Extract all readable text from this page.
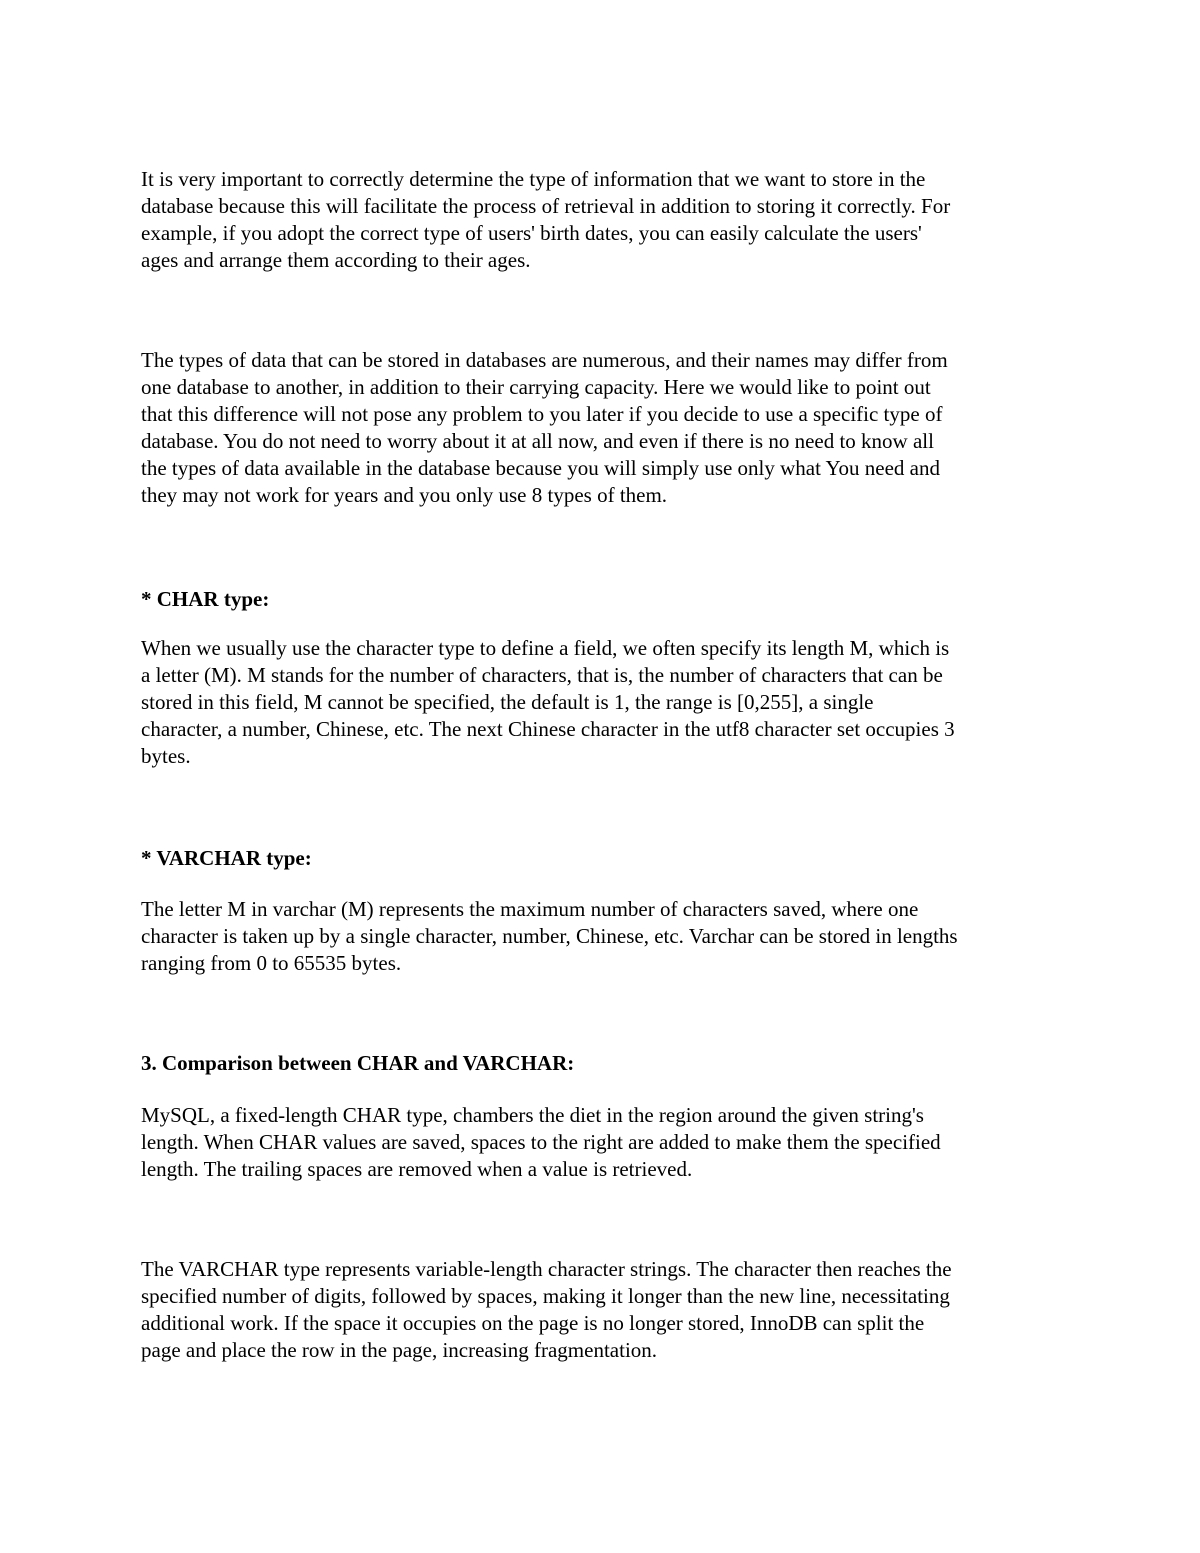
It is very important to correctly determine the type of information that we want to store in the

database because this will facilitate the process of retrieval in addition to storing it correctly. For

example, if you adopt the correct type of users' birth dates, you can easily calculate the users'

ages and arrange them according to their ages.

The types of data that can be stored in databases are numerous, and their names may differ from

one database to another, in addition to their carrying capacity. Here we would like to point out

that this difference will not pose any problem to you later if you decide to use a specific type of

database. You do not need to worry about it at all now, and even if there is no need to know all

the types of data available in the database because you will simply use only what You need and

they may not work for years and you only use 8 types of them.

* CHAR type:

When we usually use the character type to define a field, we often specify its length M, which is

a letter (M). M stands for the number of characters, that is, the number of characters that can be

stored in this field, M cannot be specified, the default is 1, the range is [0,255], a single

character, a number, Chinese, etc. The next Chinese character in the utf8 character set occupies 3

bytes.

* VARCHAR type:

The letter M in varchar (M) represents the maximum number of characters saved, where one

character is taken up by a single character, number, Chinese, etc. Varchar can be stored in lengths

ranging from 0 to 65535 bytes.

3. Comparison between CHAR and VARCHAR:

MySQL, a fixed-length CHAR type, chambers the diet in the region around the given string's

length. When CHAR values are saved, spaces to the right are added to make them the specified

length. The trailing spaces are removed when a value is retrieved.

The VARCHAR type represents variable-length character strings. The character then reaches the

specified number of digits, followed by spaces, making it longer than the new line, necessitating

additional work. If the space it occupies on the page is no longer stored, InnoDB can split the

page and place the row in the page, increasing fragmentation.
